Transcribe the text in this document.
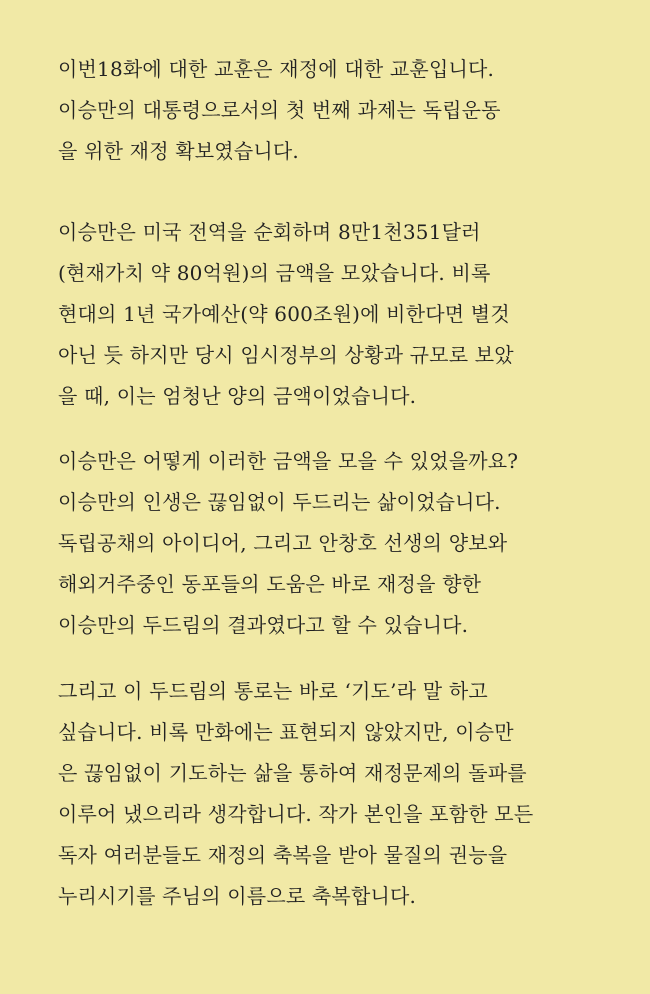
이번18화에 대한 교훈은 재정에 대한 교훈입니다.
이승만의 대통령으로서의 첫 번째 과제는 독립운동
을 위한 재정 확보였습니다.
이승만은 미국 전역을 순회하며 8만1천351달러
(현재가치 약 80억원)의 금액을 모았습니다. 비록
현대의 1년 국가예산(약 600조원)에 비한다면 별것
아닌 듯 하지만 당시 임시정부의 상황과 규모로 보았
을 때, 이는 엄청난 양의 금액이었습니다.
이승만은 어떻게 이러한 금액을 모을 수 있었을까요?
이승만의 인생은 끊임없이 두드리는 삶이었습니다.
독립공채의 아이디어, 그리고 안창호 선생의 양보와
해외거주중인 동포들의 도움은 바로 재정을 향한
이승만의 두드림의 결과였다고 할 수 있습니다.
그리고 이 두드림의 통로는 바로 ‘기도’라 말 하고
싶습니다. 비록 만화에는 표현되지 않았지만, 이승만
은 끊임없이 기도하는 삶을 통하여 재정문제의 돌파를
이루어 냈으리라 생각합니다. 작가 본인을 포함한 모든
독자 여러분들도 재정의 축복을 받아 물질의 권능을
누리시기를 주님의 이름으로 축복합니다.
